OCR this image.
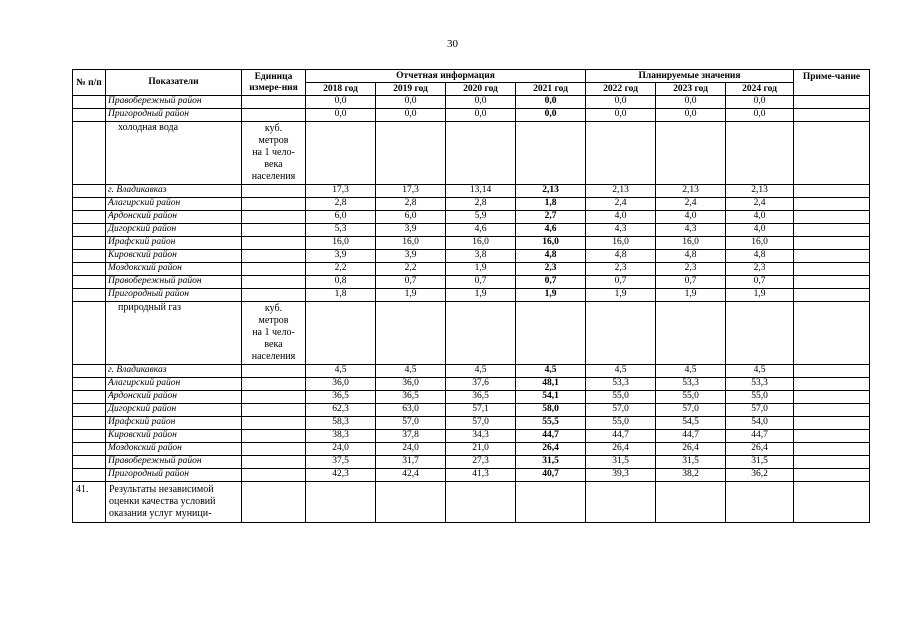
30
№ п/п	Показатели	Единица измере-ния	Отчетная информация				Планируемые значения			Приме-чание
			2018 год	2019 год	2020 год	2021 год	2022 год	2023 год	2024 год	
	Правобережный район		0,0	0,0	0,0	0,0	0,0	0,0	0,0	
	Пригородный район		0,0	0,0	0,0	0,0	0,0	0,0	0,0	
	холодная вода	куб.
метров
на 1 чело-
века
населения								

	г. Владикавказ		17,3	17,3	13,14	2,13	2,13	2,13	2,13	
	Алагирский район		2,8	2,8	2,8	1,8	2,4	2,4	2,4	
	Ардонский район		6,0	6,0	5,9	2,7	4,0	4,0	4,0	
	Дигорский район		5,3	3,9	4,6	4,6	4,3	4,3	4,0	
	Ирафский район		16,0	16,0	16,0	16,0	16,0	16,0	16,0	
	Кировский район		3,9	3,9	3,8	4,8	4,8	4,8	4,8	
	Моздокский район		2,2	2,2	1,9	2,3	2,3	2,3	2,3	
	Правобережный район		0,8	0,7	0,7	0,7	0,7	0,7	0,7	
	Пригородный район		1,8	1,9	1,9	1,9	1,9	1,9	1,9	
	природный газ	куб.
метров
на 1 чело-
века
населения								

	г. Владикавказ		4,5	4,5	4,5	4,5	4,5	4,5	4,5	
	Алагирский район		36,0	36,0	37,6	48,1	53,3	53,3	53,3	
	Ардонский район		36,5	36,5	36,5	54,1	55,0	55,0	55,0	
	Дигорский район		62,3	63,0	57,1	58,0	57,0	57,0	57,0	
	Ирафский район		58,3	57,0	57,0	55,5	55,0	54,5	54,0	
	Кировский район		38,3	37,8	34,3	44,7	44,7	44,7	44,7	
	Моздокский район		24,0	24,0	21,0	26,4	26,4	26,4	26,4	
	Правобережный район		37,5	31,7	27,3	31,5	31,5	31,5	31,5	
	Пригородный район		42,3	42,4	41,3	40,7	39,3	38,2	36,2	
41.	Результаты независимой
оценки качества условий
оказания услуг муници-									
